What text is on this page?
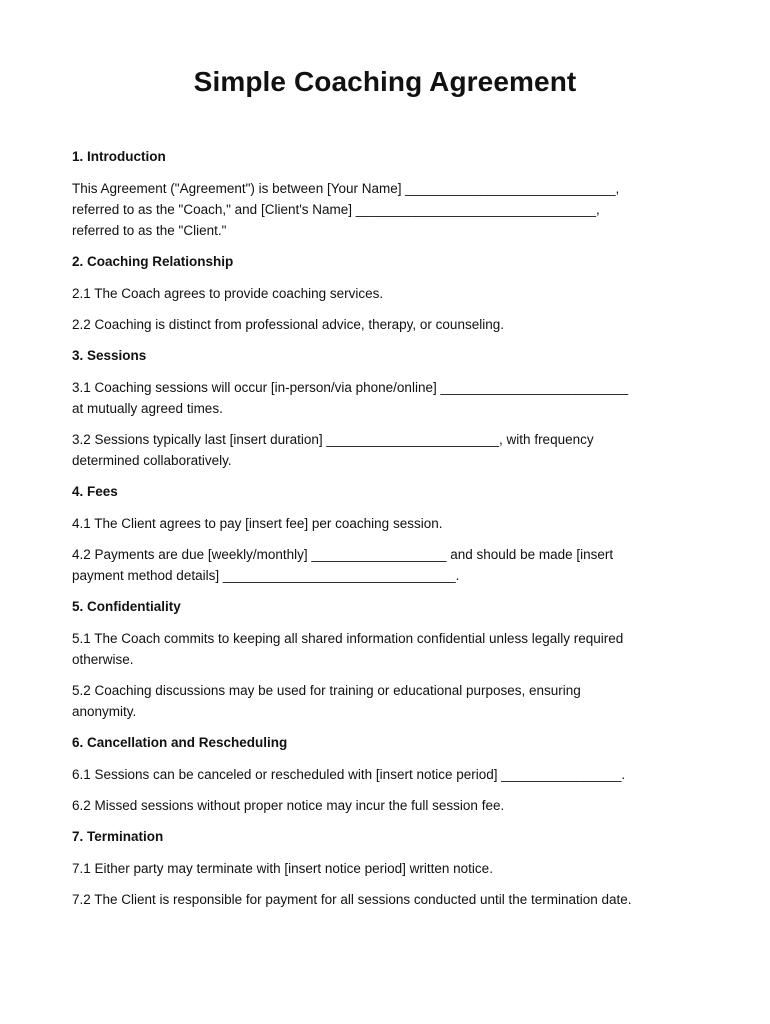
Simple Coaching Agreement
1. Introduction
This Agreement ("Agreement") is between [Your Name] ____________________________,
referred to as the "Coach," and [Client's Name] ________________________________,
referred to as the "Client."
2. Coaching Relationship
2.1 The Coach agrees to provide coaching services.
2.2 Coaching is distinct from professional advice, therapy, or counseling.
3. Sessions
3.1 Coaching sessions will occur [in-person/via phone/online] _________________________
at mutually agreed times.
3.2 Sessions typically last [insert duration] _______________________, with frequency
determined collaboratively.
4. Fees
4.1 The Client agrees to pay [insert fee] per coaching session.
4.2 Payments are due [weekly/monthly] __________________ and should be made [insert
payment method details] _______________________________.
5. Confidentiality
5.1 The Coach commits to keeping all shared information confidential unless legally required
otherwise.
5.2 Coaching discussions may be used for training or educational purposes, ensuring
anonymity.
6. Cancellation and Rescheduling
6.1 Sessions can be canceled or rescheduled with [insert notice period] ________________.
6.2 Missed sessions without proper notice may incur the full session fee.
7. Termination
7.1 Either party may terminate with [insert notice period] written notice.
7.2 The Client is responsible for payment for all sessions conducted until the termination date.
